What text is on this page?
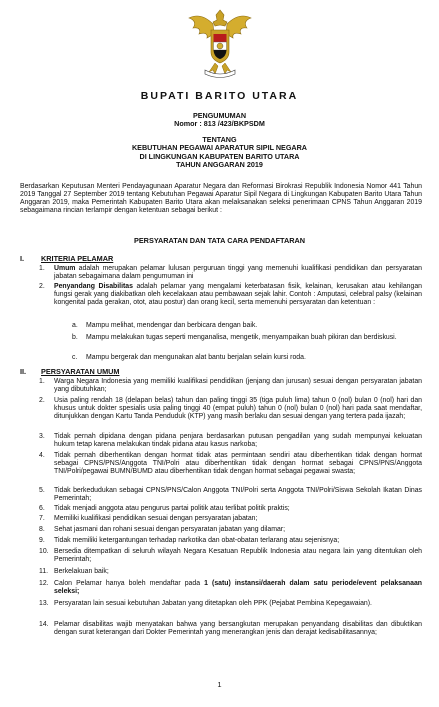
BUPATI BARITO UTARA
PENGUMUMAN
Nomor : 813 /423/BKPSDM
TENTANG
KEBUTUHAN PEGAWAI APARATUR SIPIL NEGARA
DI LINGKUNGAN KABUPATEN BARITO UTARA
TAHUN ANGGARAN 2019
Berdasarkan Keputusan Menteri Pendayagunaan Aparatur Negara dan Reformasi Birokrasi Republik Indonesia Nomor 441 Tahun 2019 Tanggal 27 September 2019 tentang Kebutuhan Pegawai Aparatur Sipil Negara di Lingkungan Kabupaten Barito Utara Tahun Anggaran 2019, maka Pemerintah Kabupaten Barito Utara akan melaksanakan seleksi penerimaan CPNS Tahun Anggaran 2019 sebagaimana rincian terlampir dengan ketentuan sebagai berikut :
PERSYARATAN DAN TATA CARA PENDAFTARAN
I. KRITERIA PELAMAR
1. Umum adalah merupakan pelamar lulusan perguruan tinggi yang memenuhi kualifikasi pendidikan dan persyaratan jabatan sebagaimana dalam pengumuman ini
2. Penyandang Disabilitas adalah pelamar yang mengalami keterbatasan fisik, kelainan, kerusakan atau kehilangan fungsi gerak yang diakibatkan oleh kecelakaan atau pembawaan sejak lahir. Contoh : Amputasi, celebral palsy (kelainan kongenital pada gerakan, otot, atau postur) dan orang kecil, serta memenuhi persyaratan dan ketentuan :
a. Mampu melihat, mendengar dan berbicara dengan baik.
b. Mampu melakukan tugas seperti menganalisa, mengetik, menyampaikan buah pikiran dan berdiskusi.
c. Mampu bergerak dan mengunakan alat bantu berjalan selain kursi roda.
II. PERSYARATAN UMUM
1. Warga Negara Indonesia yang memiliki kualifikasi pendidikan (jenjang dan jurusan) sesuai dengan persyaratan jabatan yang dibutuhkan;
2. Usia paling rendah 18 (delapan belas) tahun dan paling tinggi 35 (tiga puluh lima) tahun 0 (nol) bulan 0 (nol) hari dan khusus untuk dokter spesialis usia paling tinggi 40 (empat puluh) tahun 0 (nol) bulan 0 (nol) hari pada saat mendaftar, ditunjukkan dengan Kartu Tanda Penduduk (KTP) yang masih berlaku dan sesuai dengan yang tertera pada ijazah;
3. Tidak pernah dipidana dengan pidana penjara berdasarkan putusan pengadilan yang sudah mempunyai kekuatan hukum tetap karena melakukan tindak pidana atau kasus narkoba;
4. Tidak pernah diberhentikan dengan hormat tidak atas permintaan sendiri atau diberhentikan tidak dengan hormat sebagai CPNS/PNS/Anggota TNI/Polri atau diberhentikan tidak dengan hormat sebagai CPNS/PNS/Anggota TNI/Polri/pegawai BUMN/BUMD atau diberhentikan tidak dengan hormat sebagai pegawai swasta;
5. Tidak berkedudukan sebagai CPNS/PNS/Calon Anggota TNI/Polri serta Anggota TNI/Polri/Siswa Sekolah Ikatan Dinas Pemerintah;
6. Tidak menjadi anggota atau pengurus partai politik atau terlibat politik praktis;
7. Memiliki kualifikasi pendidikan sesuai dengan persyaratan jabatan;
8. Sehat jasmani dan rohani sesuai dengan persyaratan jabatan yang dilamar;
9. Tidak memiliki ketergantungan terhadap narkotika dan obat-obatan terlarang atau sejenisnya;
10. Bersedia ditempatkan di seluruh wilayah Negara Kesatuan Republik Indonesia atau negara lain yang ditentukan oleh Pemerintah;
11. Berkelakuan baik;
12. Calon Pelamar hanya boleh mendaftar pada 1 (satu) instansi/daerah dalam satu periode/event pelaksanaan seleksi;
13. Persyaratan lain sesuai kebutuhan Jabatan yang ditetapkan oleh PPK (Pejabat Pembina Kepegawaian).
14. Pelamar disabilitas wajib menyatakan bahwa yang bersangkutan merupakan penyandang disabilitas dan dibuktikan dengan surat keterangan dari Dokter Pemerintah yang menerangkan jenis dan derajat kedisabilitasannya;
1
